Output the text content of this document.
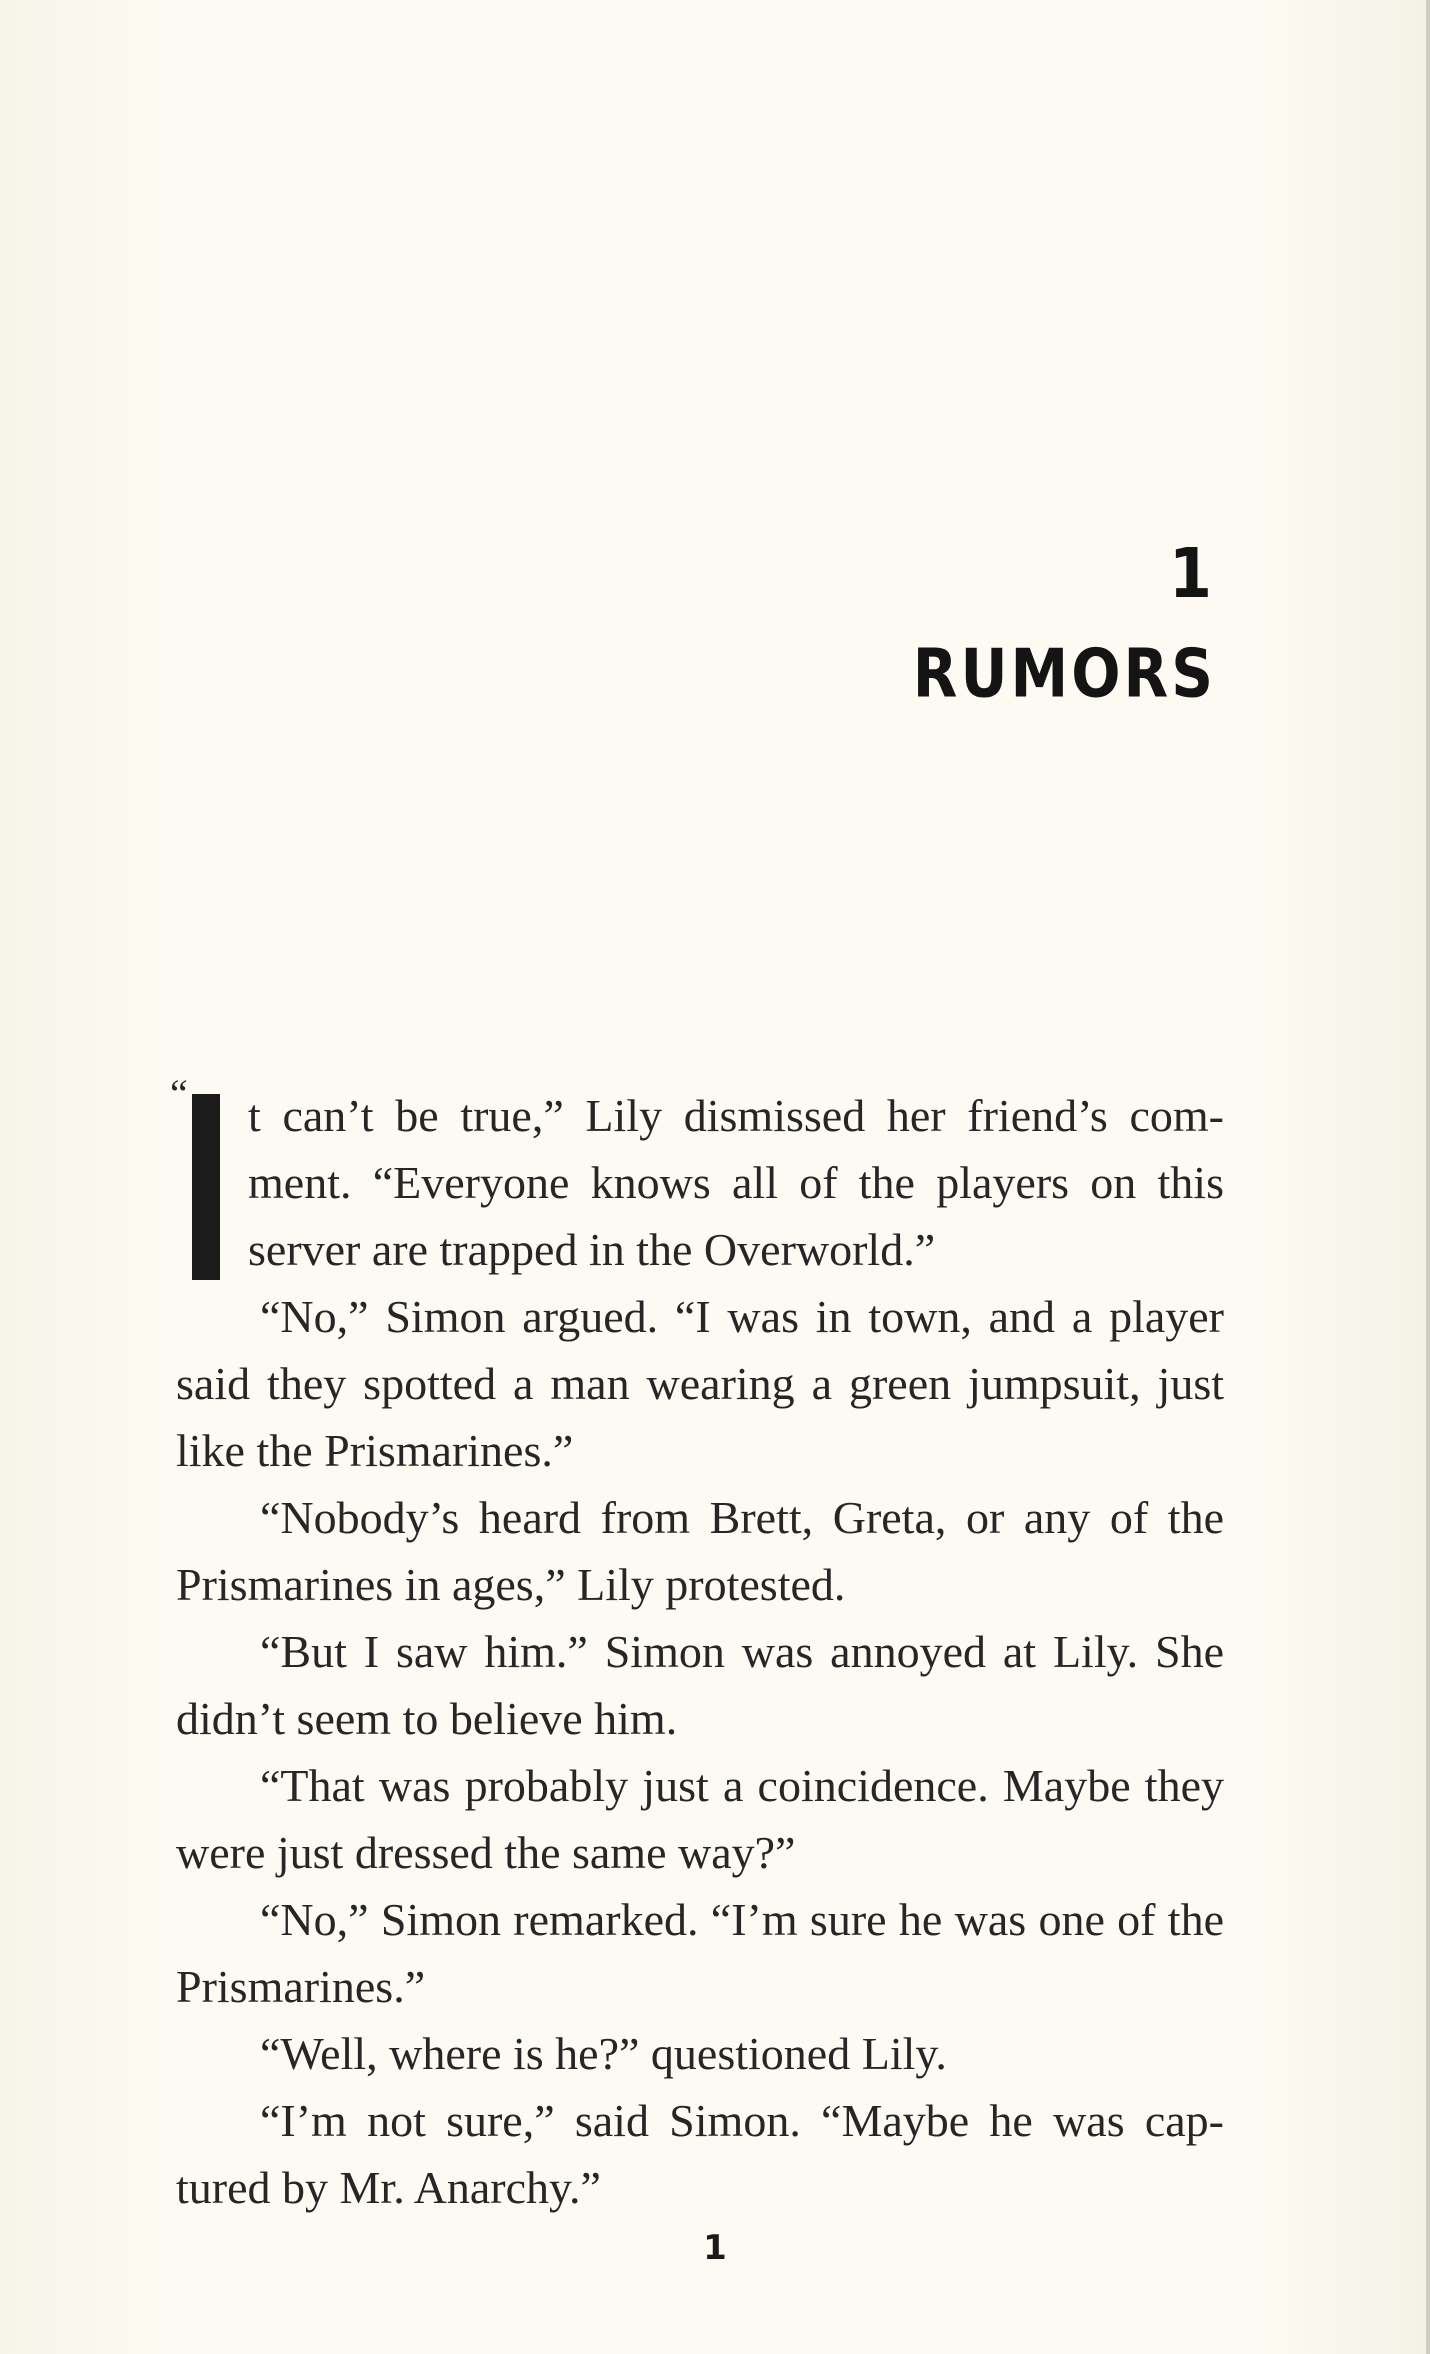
1
RUMORS
“ t can’t be true,” Lily dismissed her friend’s com-
ment. “Everyone knows all of the players on this
server are trapped in the Overworld.”
“No,” Simon argued. “I was in town, and a player
said they spotted a man wearing a green jumpsuit, just
like the Prismarines.”
“Nobody’s heard from Brett, Greta, or any of the
Prismarines in ages,” Lily protested.
“But I saw him.” Simon was annoyed at Lily. She
didn’t seem to believe him.
“That was probably just a coincidence. Maybe they
were just dressed the same way?”
“No,” Simon remarked. “I’m sure he was one of the
Prismarines.”
“Well, where is he?” questioned Lily.
“I’m not sure,” said Simon. “Maybe he was cap-
tured by Mr. Anarchy.”
1
